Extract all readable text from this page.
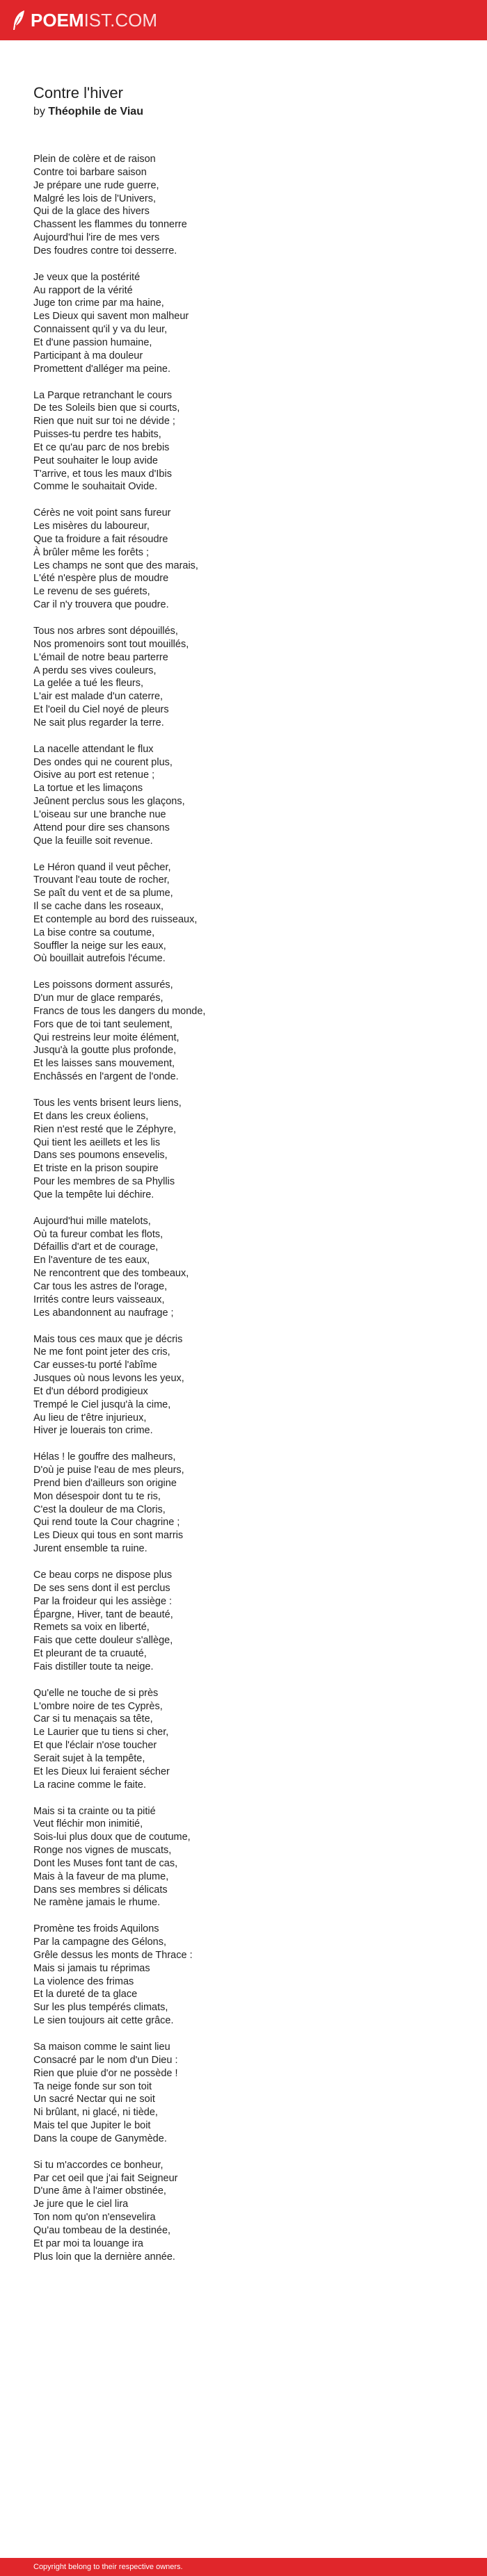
POEMIST.COM
Contre l'hiver
by Théophile de Viau
Plein de colère et de raison
Contre toi barbare saison
Je prépare une rude guerre,
Malgré les lois de l'Univers,
Qui de la glace des hivers
Chassent les flammes du tonnerre
Aujourd'hui l'ire de mes vers
Des foudres contre toi desserre.
Je veux que la postérité
Au rapport de la vérité
Juge ton crime par ma haine,
Les Dieux qui savent mon malheur
Connaissent qu'il y va du leur,
Et d'une passion humaine,
Participant à ma douleur
Promettent d'alléger ma peine.
La Parque retranchant le cours
De tes Soleils bien que si courts,
Rien que nuit sur toi ne dévide ;
Puisses-tu perdre tes habits,
Et ce qu'au parc de nos brebis
Peut souhaiter le loup avide
T'arrive, et tous les maux d'Ibis
Comme le souhaitait Ovide.
Cérès ne voit point sans fureur
Les misères du laboureur,
Que ta froidure a fait résoudre
À brûler même les forêts ;
Les champs ne sont que des marais,
L'été n'espère plus de moudre
Le revenu de ses guérets,
Car il n'y trouvera que poudre.
Tous nos arbres sont dépouillés,
Nos promenoirs sont tout mouillés,
L'émail de notre beau parterre
A perdu ses vives couleurs,
La gelée a tué les fleurs,
L'air est malade d'un caterre,
Et l'oeil du Ciel noyé de pleurs
Ne sait plus regarder la terre.
La nacelle attendant le flux
Des ondes qui ne courent plus,
Oisive au port est retenue ;
La tortue et les limaçons
Jeûnent perclus sous les glaçons,
L'oiseau sur une branche nue
Attend pour dire ses chansons
Que la feuille soit revenue.
Le Héron quand il veut pêcher,
Trouvant l'eau toute de rocher,
Se paît du vent et de sa plume,
Il se cache dans les roseaux,
Et contemple au bord des ruisseaux,
La bise contre sa coutume,
Souffler la neige sur les eaux,
Où bouillait autrefois l'écume.
Les poissons dorment assurés,
D'un mur de glace remparés,
Francs de tous les dangers du monde,
Fors que de toi tant seulement,
Qui restreins leur moite élément,
Jusqu'à la goutte plus profonde,
Et les laisses sans mouvement,
Enchâssés en l'argent de l'onde.
Tous les vents brisent leurs liens,
Et dans les creux éoliens,
Rien n'est resté que le Zéphyre,
Qui tient les aeillets et les lis
Dans ses poumons ensevelis,
Et triste en la prison soupire
Pour les membres de sa Phyllis
Que la tempête lui déchire.
Aujourd'hui mille matelots,
Où ta fureur combat les flots,
Défaillis d'art et de courage,
En l'aventure de tes eaux,
Ne rencontrent que des tombeaux,
Car tous les astres de l'orage,
Irrités contre leurs vaisseaux,
Les abandonnent au naufrage ;
Mais tous ces maux que je décris
Ne me font point jeter des cris,
Car eusses-tu porté l'abîme
Jusques où nous levons les yeux,
Et d'un débord prodigieux
Trempé le Ciel jusqu'à la cime,
Au lieu de t'être injurieux,
Hiver je louerais ton crime.
Hélas ! le gouffre des malheurs,
D'où je puise l'eau de mes pleurs,
Prend bien d'ailleurs son origine
Mon désespoir dont tu te ris,
C'est la douleur de ma Cloris,
Qui rend toute la Cour chagrine ;
Les Dieux qui tous en sont marris
Jurent ensemble ta ruine.
Ce beau corps ne dispose plus
De ses sens dont il est perclus
Par la froideur qui les assiège :
Épargne, Hiver, tant de beauté,
Remets sa voix en liberté,
Fais que cette douleur s'allège,
Et pleurant de ta cruauté,
Fais distiller toute ta neige.
Qu'elle ne touche de si près
L'ombre noire de tes Cyprès,
Car si tu menaçais sa tête,
Le Laurier que tu tiens si cher,
Et que l'éclair n'ose toucher
Serait sujet à la tempête,
Et les Dieux lui feraient sécher
La racine comme le faite.
Mais si ta crainte ou ta pitié
Veut fléchir mon inimitié,
Sois-lui plus doux que de coutume,
Ronge nos vignes de muscats,
Dont les Muses font tant de cas,
Mais à la faveur de ma plume,
Dans ses membres si délicats
Ne ramène jamais le rhume.
Promène tes froids Aquilons
Par la campagne des Gélons,
Grêle dessus les monts de Thrace :
Mais si jamais tu réprimas
La violence des frimas
Et la dureté de ta glace
Sur les plus tempérés climats,
Le sien toujours ait cette grâce.
Sa maison comme le saint lieu
Consacré par le nom d'un Dieu :
Rien que pluie d'or ne possède !
Ta neige fonde sur son toit
Un sacré Nectar qui ne soit
Ni brûlant, ni glacé, ni tiède,
Mais tel que Jupiter le boit
Dans la coupe de Ganymède.
Si tu m'accordes ce bonheur,
Par cet oeil que j'ai fait Seigneur
D'une âme à l'aimer obstinée,
Je jure que le ciel lira
Ton nom qu'on n'ensevelira
Qu'au tombeau de la destinée,
Et par moi ta louange ira
Plus loin que la dernière année.
Copyright belong to their respective owners.
